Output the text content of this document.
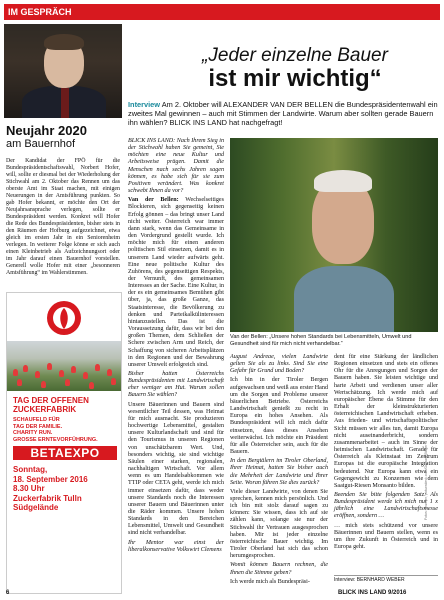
IM GESPRÄCH

Neujahr 2020

am Bauernhof

Der Kandidat der FPÖ für die Bundespräsidentschaftswahl, Norbert Hofer, will, sollte er diesmal bei der Wiederholung der Stichwahl am 2. Oktober das Rennen um das oberste Amt im Staat machen, mit einigen Neuerungen in der Amtsführung punkten. So gab Hofer bekannt, er möchte den Ort der Neujahrsansprache verlegen, sollte er Bundespräsident werden. Konkret will Hofer die Rede des Bundespräsidenten, bisher stets in den Räumen der Hofburg aufgezeichnet, etwa gleich im ersten Jahr in ein Seniorenheim verlegen. In weiterer Folge könne er sich auch einen Kleinbetrieb als Aufzeichnungsort oder im Jahr darauf einen Bauernhof vorstellen. Generell wolle Hofer mit einer „besonneren Amtsführung“ im Wahlerstimmen.
TAG DER OFFENEN ZUCKERFABRIK
SCHAUFELD FÜR
TAG DER FAMILIE.
CHARITY RUN.
GROSSE ERNTEVORFÜHRUNG.
BETAEXPO
Sonntag,
18. September 2016
8.30 Uhr
Zuckerfabrik Tulln
Südgelände
„Jeder einzelne Bauer
ist mir wichtig“
Interview Am 2. Oktober will ALEXANDER VAN DER BELLEN die Bundespräsidentenwahl ein zweites Mal gewinnen – auch mit Stimmen der Landwirte. Warum aber sollten gerade Bauern ihn wählen? BLICK INS LAND hat nachgefragt!

BLICK INS LAND: Nach Ihrem Sieg in der Stichwahl haben Sie gemeint, Sie möchten eine neue Kultur und Arbeitsweise prägen. Damit die Menschen nach sechs Jahren sagen können, es habe sich für sie zum Positiven verändert. Was konkret schwebt Ihnen da vor?

Van der Bellen: Wechselseitiges Blockieren, sich gegenseitig keinen Erfolg gönnen – das bringt unser Land nicht weiter. Österreich war immer dann stark, wenn das Gemeinsame in den Vordergrund gestellt wurde. Ich möchte mich für einen anderen politischen Stil einsetzen, damit es in unserem Land wieder aufwärts geht. Eine neue politische Kultur des Zuhörens, des gegenseitigen Respekts, der Vernunft, des gemeinsamen Interesses an der Sache. Eine Kultur, in der es ein gemeinsames Bemühen gibt über, ja, das große Ganze, das Staatsinteresse, die Bevölkerung zu denken und Parteikalkülinteressen hintanzustellen. Das ist die Voraussetzung dafür, dass wir bei den großen Themen, dem Schließen der Schere zwischen Arm und Reich, der Schaffung von sicheren Arbeitsplätzen in den Regionen und der Bewahrung unserer Umwelt erfolgreich sind.

Bisher hatten Österreichs Bundespräsidenten mit Landwirtschaft eher weniger am Hut. Warum sollen Bauern Sie wählen?

Unsere Bäuerinnen und Bauern sind wesentlicher Teil dessen, was Heimat für mich ausmacht. Sie produzieren hochwertige Lebensmittel, gestalten unsere Kulturlandschaft und sind für den Tourismus in unseren Regionen von unschätzbarem Wert. Und, besonders wichtig, sie sind wichtige Säulen einer starken, regionalen, nachhaltigen Wirtschaft. Vor allem wenn es um Handelsabkommen wie TTIP oder CETA geht, werde ich mich immer einsetzen dafür, dass weder unsere Standards noch die Interessen unserer Bauern und Bäuerinnen unter die Räder kommen. Unsere hohen Standards in den Bereichen Lebensmittel, Umwelt und Gesundheit sind nicht verhandelbar.

Ihr Mentor war einst der liberalkonservative Volkswirt Clemens

Van der Bellen: „Unsere hohen Standards bei Lebensmitteln, Umwelt und Gesundheit sind für mich nicht verhandelbar.“

August Andreae, vielen Landwirte gelten Sie als zu links. Sind Sie eine Gefahr für Grund und Boden?

Ich bin in der Tiroler Bergen aufgewachsen und weiß aus erster Hand um die Sorgen und Probleme unserer bäuerlichen Betriebe. Österreichs Landwirtschaft genießt zu recht in Europa ein hohes Ansehen. Als Bundespräsident will ich mich dafür einsetzen, dass dieses Ansehen weiterwächst. Ich möchte ein Präsident für alle Österreicher sein, auch für die Bauern.

In den Bergtälern im Tiroler Oberland, Ihrer Heimat, hatten Sie bisher auch die Mehrheit der Landwirte und Ihrer Seite. Woran führen Sie dies zurück?

Viele dieser Landwirte, von denen Sie sprechen, kennen mich persönlich. Und ich bin mit stolz darauf sagen zu können: Sie wissen, dass ich auf sie zählen kann, solange sie nur der Stichwahl ihr Vertrauen ausgesprochen haben. Mir ist jeder einzelne österreichische Bauer wichtig. Im Tiroler Oberland hat sich das schon herumgesprochen.

Womit können Bauern rechnen, die Ihnen die Stimme geben?

Ich werde mich als Bundespräsi-

dent für eine Stärkung der ländlichen Regionen einsetzen und stets ein offenes Ohr für die Anregungen und Sorgen der Bauern haben. Sie leisten wichtige und harte Arbeit und verdienen unser aller Wertschätzung. Ich werde mich auf europäischer Ebene da Stimme für den Erhalt der kleinstrukturierten österreichischen Landwirtschaft erheben. Aus frieden- und wirtschaftspolitischer Sicht müssen wir alles tun, damit Europa nicht auseinanderbricht, sondern zusammenarbeitet – auch im Sinne der heimischen Landwirtschaft. Gerade für Österreich als Kleinstaat im Zentrum Europas ist die europäische Integration bedeutend. Nur Europa kann etwa ein Gegengewicht zu Konzernen wie dem Saatgut-Riesen Monsanto bilden.

Beenden Sie bitte folgenden Satz: Als Bundespräsident werde ich mich nur 1 x jährlich eine Landwirtschaftsmesse eröffnen, sondern …

… mich stets schützend vor unsere Bäuerinnen und Bauern stellen, wenn es um ihre Zukunft in Österreich und in Europa geht.

Interview: BERNHARD WEBER
Fotos: Brunner, picturedesk.com/Gerhard Stöger
6	BLICK INS LAND 9/2016
